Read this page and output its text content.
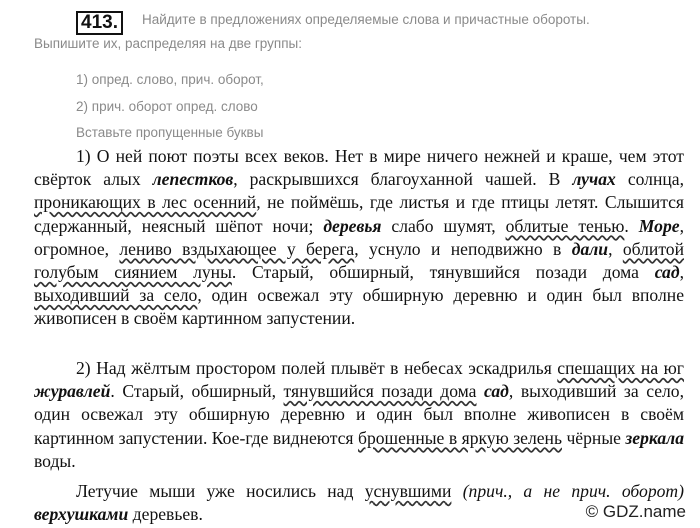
413.	Найдите в предложениях определяемые слова и причастные обороты.
Выпишите их, распределяя на две группы:
1) опред. слово, прич. оборот,
2) прич. оборот опред. слово
Вставьте пропущенные буквы
1) О ней поют поэты всех веков. Нет в мире ничего нежней и краше, чем этот свёрток алых лепестков, раскрывшихся благоуханной чашей. В лучах солнца, проникающих в лес осенний, не поймёшь, где листья и где птицы летят. Слышится сдержанный, неясный шёпот ночи; деревья слабо шумят, облитые тенью. Море, огромное, лениво вздыхающее у берега, уснуло и неподвижно в дали, облитой голубым сиянием луны. Старый, обширный, тянувшийся позади дома сад, выходивший за село, один освежал эту обширную деревню и один был вполне живописен в своём картинном запустении.
2) Над жёлтым простором полей плывёт в небесах эскадрилья спешащих на юг журавлей. Старый, обширный, тянувшийся позади дома сад, выходивший за село, один освежал эту обширную деревню и один был вполне живописен в своём картинном запустении. Кое-где виднеются брошенные в яркую зелень чёрные зеркала воды.
Летучие мыши уже носились над уснувшими (прич., а не прич. оборот) верхушками деревьев.	© GDZ.name
